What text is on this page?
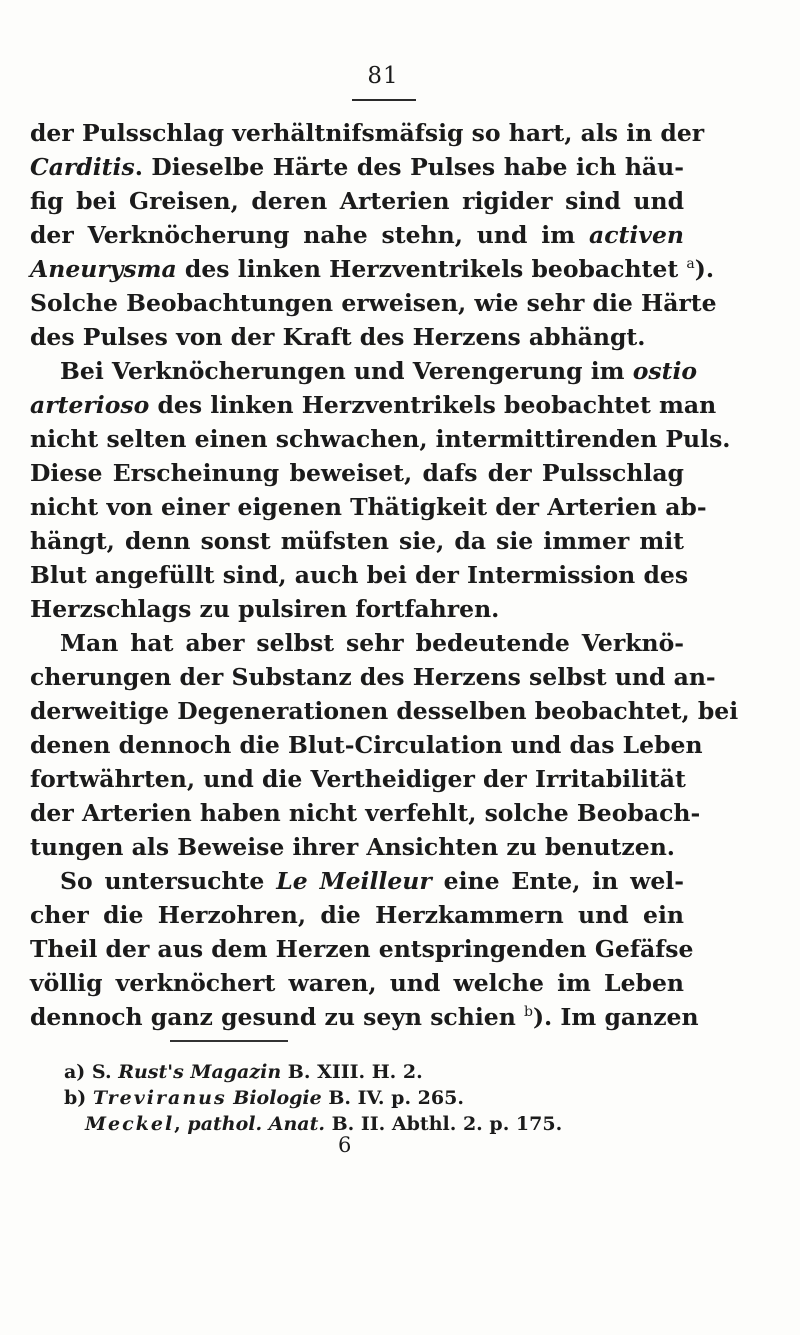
81
der Pulsschlag verhältnifsmäfsig so hart, als in der
Carditis. Dieselbe Härte des Pulses habe ich häu-
fig bei Greisen, deren Arterien rigider sind und
der Verknöcherung nahe stehn, und im activen
Aneurysma des linken Herzventrikels beobachtet $^a$).
Solche Beobachtungen erweisen, wie sehr die Härte
des Pulses von der Kraft des Herzens abhängt.
Bei Verknöcherungen und Verengerung im ostio
arterioso des linken Herzventrikels beobachtet man
nicht selten einen schwachen, intermittirenden Puls.
Diese Erscheinung beweiset, dafs der Pulsschlag
nicht von einer eigenen Thätigkeit der Arterien ab-
hängt, denn sonst müfsten sie, da sie immer mit
Blut angefüllt sind, auch bei der Intermission des
Herzschlags zu pulsiren fortfahren.
Man hat aber selbst sehr bedeutende Verknö-
cherungen der Substanz des Herzens selbst und an-
derweitige Degenerationen desselben beobachtet, bei
denen dennoch die Blut-Circulation und das Leben
fortwährten, und die Vertheidiger der Irritabilität
der Arterien haben nicht verfehlt, solche Beobach-
tungen als Beweise ihrer Ansichten zu benutzen.
So untersuchte Le Meilleur eine Ente, in wel-
cher die Herzohren, die Herzkammern und ein
Theil der aus dem Herzen entspringenden Gefäfse
völlig verknöchert waren, und welche im Leben
dennoch ganz gesund zu seyn schien $^b$). Im ganzen
a) S. Rust's Magazin B. XIII. H. 2.
b) Treviranus Biologie B. IV. p. 265.
Meckel, pathol. Anat. B. II. Abthl. 2. p. 175.
6
